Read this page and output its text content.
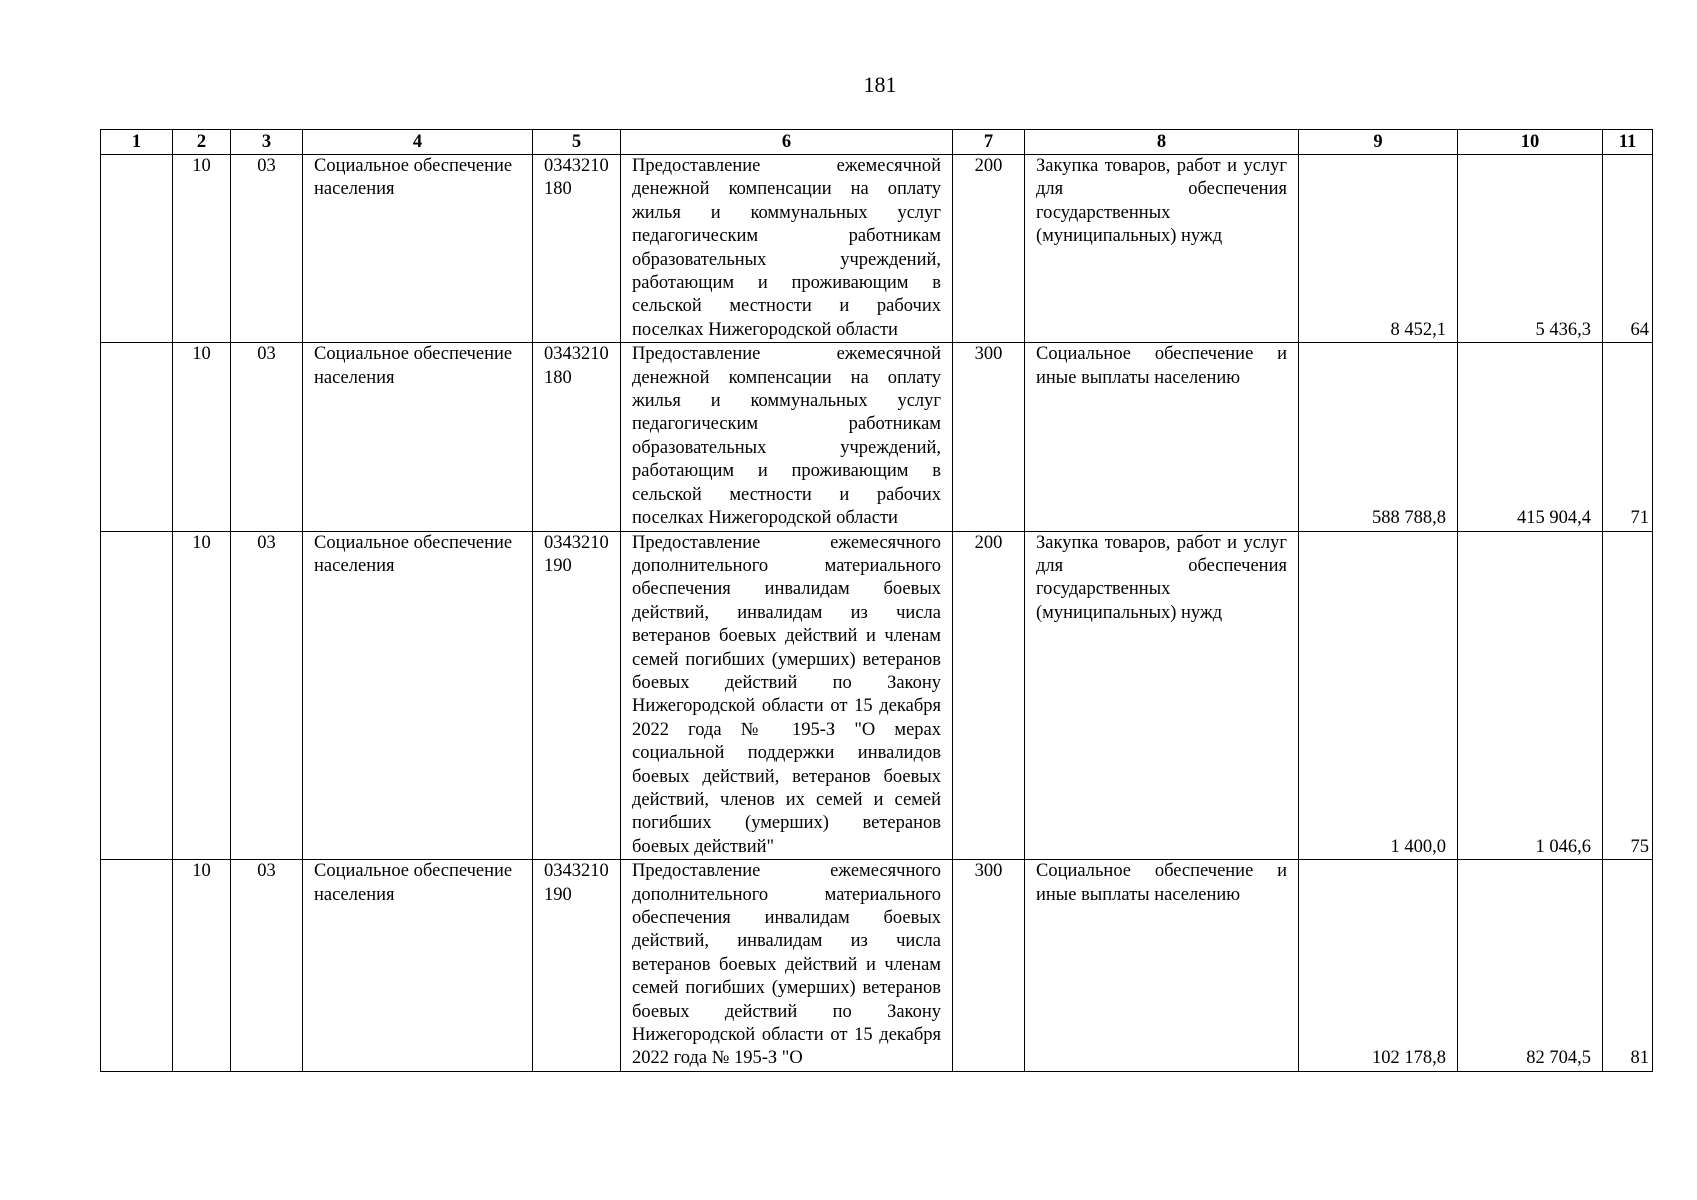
181
1	2	3	4	5	6	7	8	9	10	11
	10	03	Социальное обеспечение населения	0343210180	Предоставление ежемесячной денежной компенсации на оплату жилья и коммунальных услуг педагогическим работникам образовательных учреждений, работающим и проживающим в сельской местности и рабочих поселках Нижегородской области	200	Закупка товаров, работ и услуг для обеспечения государственных (муниципальных) нужд	8 452,1	5 436,3	64
	10	03	Социальное обеспечение населения	0343210180	Предоставление ежемесячной денежной компенсации на оплату жилья и коммунальных услуг педагогическим работникам образовательных учреждений, работающим и проживающим в сельской местности и рабочих поселках Нижегородской области	300	Социальное обеспечение и иные выплаты населению	588 788,8	415 904,4	71
	10	03	Социальное обеспечение населения	0343210190	Предоставление ежемесячного дополнительного материального обеспечения инвалидам боевых действий, инвалидам из числа ветеранов боевых действий и членам семей погибших (умерших) ветеранов боевых действий по Закону Нижегородской области от 15 декабря 2022 года № 195-З "О мерах социальной поддержки инвалидов боевых действий, ветеранов боевых действий, членов их семей и семей погибших (умерших) ветеранов боевых действий"	200	Закупка товаров, работ и услуг для обеспечения государственных (муниципальных) нужд	1 400,0	1 046,6	75
	10	03	Социальное обеспечение населения	0343210190	Предоставление ежемесячного дополнительного материального обеспечения инвалидам боевых действий, инвалидам из числа ветеранов боевых действий и членам семей погибших (умерших) ветеранов боевых действий по Закону Нижегородской области от 15 декабря 2022 года № 195-З "О	300	Социальное обеспечение и иные выплаты населению	102 178,8	82 704,5	81
